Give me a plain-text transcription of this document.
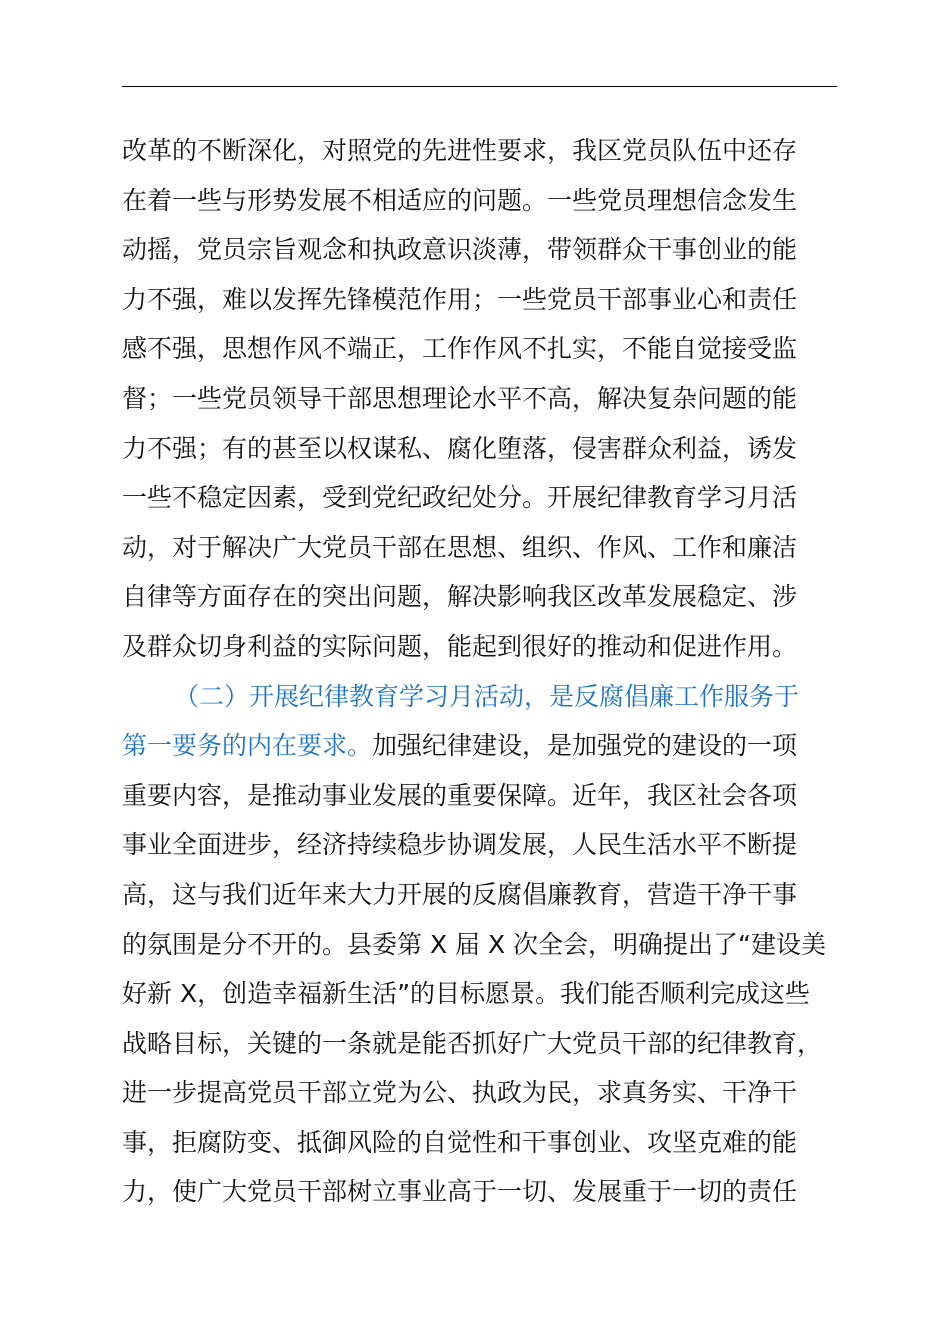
改革的不断深化，对照党的先进性要求，我区党员队伍中还存
在着一些与形势发展不相适应的问题。一些党员理想信念发生
动摇，党员宗旨观念和执政意识淡薄，带领群众干事创业的能
力不强，难以发挥先锋模范作用；一些党员干部事业心和责任
感不强，思想作风不端正，工作作风不扎实，不能自觉接受监
督；一些党员领导干部思想理论水平不高，解决复杂问题的能
力不强；有的甚至以权谋私、腐化堕落，侵害群众利益，诱发
一些不稳定因素，受到党纪政纪处分。开展纪律教育学习月活
动，对于解决广大党员干部在思想、组织、作风、工作和廉洁
自律等方面存在的突出问题，解决影响我区改革发展稳定、涉
及群众切身利益的实际问题，能起到很好的推动和促进作用。
（二）开展纪律教育学习月活动，是反腐倡廉工作服务于
第一要务的内在要求。加强纪律建设，是加强党的建设的一项
重要内容，是推动事业发展的重要保障。近年，我区社会各项
事业全面进步，经济持续稳步协调发展，人民生活水平不断提
高，这与我们近年来大力开展的反腐倡廉教育，营造干净干事
的氛围是分不开的。县委第 X 届 X 次全会，明确提出了“建设美
好新 X，创造幸福新生活”的目标愿景。我们能否顺利完成这些
战略目标，关键的一条就是能否抓好广大党员干部的纪律教育，
进一步提高党员干部立党为公、执政为民，求真务实、干净干
事，拒腐防变、抵御风险的自觉性和干事创业、攻坚克难的能
力，使广大党员干部树立事业高于一切、发展重于一切的责任
